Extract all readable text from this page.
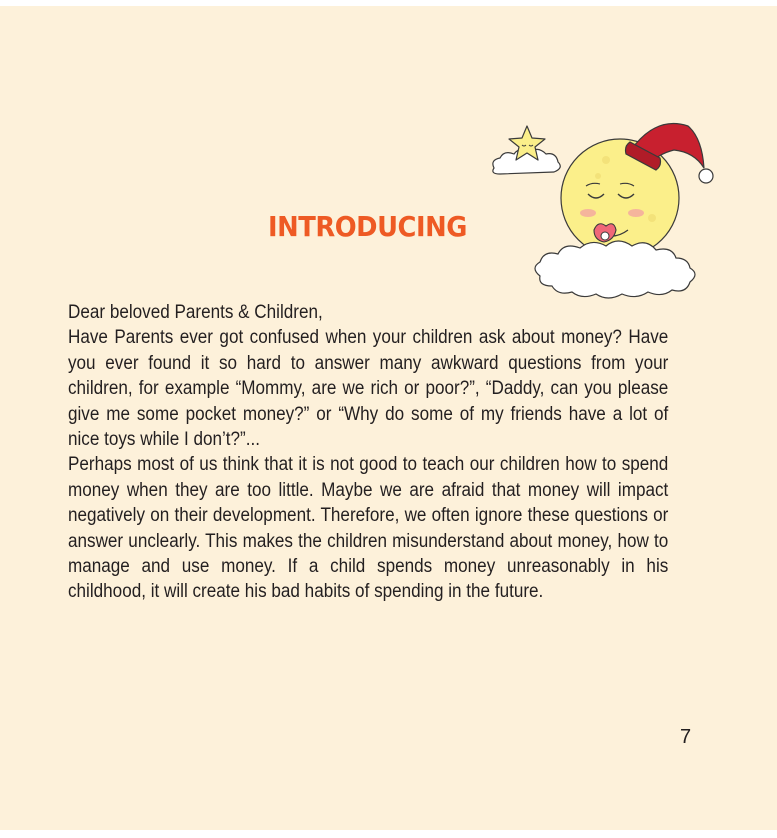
INTRODUCING

Dear beloved Parents & Children,

Have Parents ever got confused when your children ask about money? Have you ever found it so hard to answer many awkward questions from your children, for example “Mommy, are we rich or poor?”, “Daddy, can you please give me some pocket money?” or “Why do some of my friends have a lot of nice toys while I don’t?”...

Perhaps most of us think that it is not good to teach our children how to spend money when they are too little. Maybe we are afraid that money will impact negatively on their development. Therefore, we often ignore these questions or answer unclearly. This makes the children misunderstand about money, how to manage and use money. If a child spends money unreasonably in his childhood, it will create his bad habits of spending in the future.

7
